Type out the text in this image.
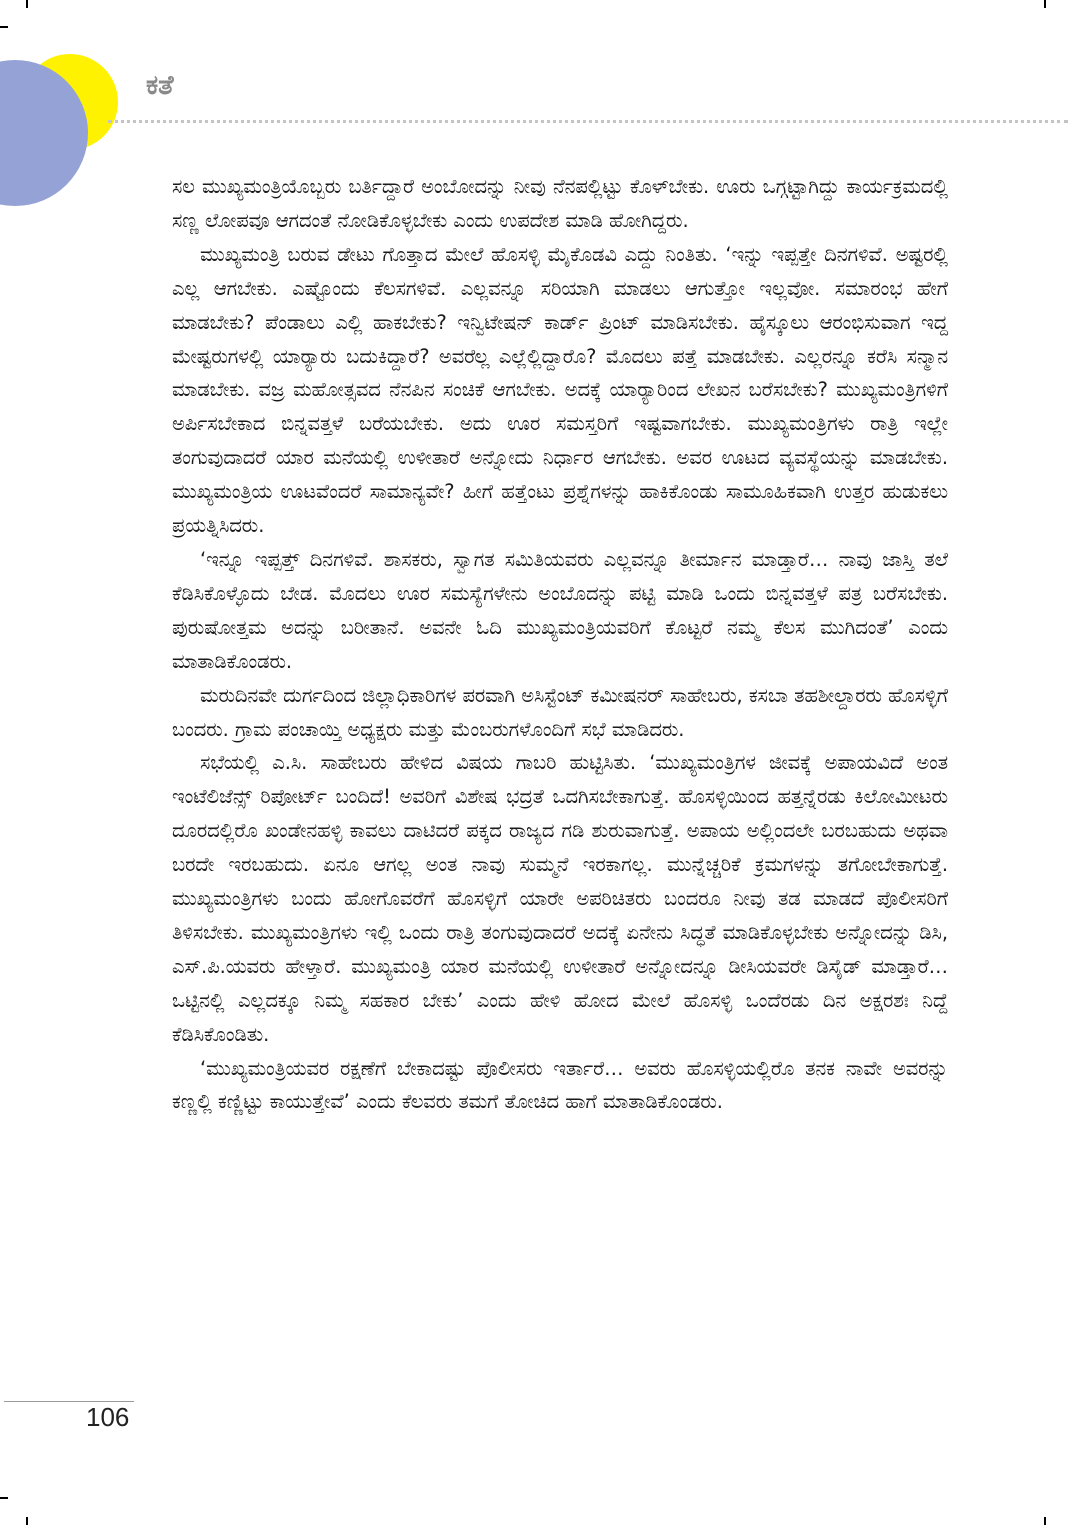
ಕತೆ

ಸಲ ಮುಖ್ಯಮಂತ್ರಿಯೊಬ್ಬರು ಬರ್ತಿದ್ದಾರೆ ಅಂಬೋದನ್ನು ನೀವು ನೆನಪಲ್ಲಿಟ್ಟು ಕೊಳ್‌ಬೇಕು. ಊರು ಒಗ್ಗಟ್ಟಾಗಿದ್ದು ಕಾರ್ಯಕ್ರಮದಲ್ಲಿ ಸಣ್ಣ ಲೋಪವೂ ಆಗದಂತೆ ನೋಡಿಕೊಳ್ಳಬೇಕು ಎಂದು ಉಪದೇಶ ಮಾಡಿ ಹೋಗಿದ್ದರು.

ಮುಖ್ಯಮಂತ್ರಿ ಬರುವ ಡೇಟು ಗೊತ್ತಾದ ಮೇಲೆ ಹೊಸಳ್ಳಿ ಮೈಕೊಡವಿ ಎದ್ದು ನಿಂತಿತು. ‘ಇನ್ನು ಇಪ್ಪತ್ತೇ ದಿನಗಳಿವೆ. ಅಷ್ಟರಲ್ಲಿ ಎಲ್ಲ ಆಗಬೇಕು. ಎಷ್ಟೊಂದು ಕೆಲಸಗಳಿವೆ. ಎಲ್ಲವನ್ನೂ ಸರಿಯಾಗಿ ಮಾಡಲು ಆಗುತ್ತೋ ಇಲ್ಲವೋ. ಸಮಾರಂಭ ಹೇಗೆ ಮಾಡಬೇಕು? ಪೆಂಡಾಲು ಎಲ್ಲಿ ಹಾಕಬೇಕು? ಇನ್ವಿಟೇಷನ್ ಕಾರ್ಡ್ ಪ್ರಿಂಟ್ ಮಾಡಿಸಬೇಕು. ಹೈಸ್ಕೂಲು ಆರಂಭಿಸುವಾಗ ಇದ್ದ ಮೇಷ್ಟರುಗಳಲ್ಲಿ ಯಾರ್‍ಯಾರು ಬದುಕಿದ್ದಾರೆ? ಅವರೆಲ್ಲ ಎಲ್ಲೆಲ್ಲಿದ್ದಾರೊ? ಮೊದಲು ಪತ್ತೆ ಮಾಡಬೇಕು. ಎಲ್ಲರನ್ನೂ ಕರೆಸಿ ಸನ್ಮಾನ ಮಾಡಬೇಕು. ವಜ್ರ ಮಹೋತ್ಸವದ ನೆನಪಿನ ಸಂಚಿಕೆ ಆಗಬೇಕು. ಅದಕ್ಕೆ ಯಾರ್‍ಯಾರಿಂದ ಲೇಖನ ಬರೆಸಬೇಕು? ಮುಖ್ಯಮಂತ್ರಿಗಳಿಗೆ ಅರ್ಪಿಸಬೇಕಾದ ಬಿನ್ನವತ್ತಳೆ ಬರೆಯಬೇಕು. ಅದು ಊರ ಸಮಸ್ತರಿಗೆ ಇಷ್ಟವಾಗಬೇಕು. ಮುಖ್ಯಮಂತ್ರಿಗಳು ರಾತ್ರಿ ಇಲ್ಲೇ ತಂಗುವುದಾದರೆ ಯಾರ ಮನೆಯಲ್ಲಿ ಉಳೀತಾರೆ ಅನ್ನೋದು ನಿರ್ಧಾರ ಆಗಬೇಕು. ಅವರ ಊಟದ ವ್ಯವಸ್ಥೆಯನ್ನು ಮಾಡಬೇಕು. ಮುಖ್ಯಮಂತ್ರಿಯ ಊಟವೆಂದರೆ ಸಾಮಾನ್ಯವೇ? ಹೀಗೆ ಹತ್ತೆಂಟು ಪ್ರಶ್ನೆಗಳನ್ನು ಹಾಕಿಕೊಂಡು ಸಾಮೂಹಿಕವಾಗಿ ಉತ್ತರ ಹುಡುಕಲು ಪ್ರಯತ್ನಿಸಿದರು.

‘ಇನ್ನೂ ಇಪ್ಪತ್ತ್ ದಿನಗಳಿವೆ. ಶಾಸಕರು, ಸ್ವಾಗತ ಸಮಿತಿಯವರು ಎಲ್ಲವನ್ನೂ ತೀರ್ಮಾನ ಮಾಡ್ತಾರೆ… ನಾವು ಜಾಸ್ತಿ ತಲೆ ಕೆಡಿಸಿಕೊಳ್ಳೊದು ಬೇಡ. ಮೊದಲು ಊರ ಸಮಸ್ಯೆಗಳೇನು ಅಂಬೊದನ್ನು ಪಟ್ಟಿ ಮಾಡಿ ಒಂದು ಬಿನ್ನವತ್ತಳೆ ಪತ್ರ ಬರೆಸಬೇಕು. ಪುರುಷೋತ್ತಮ ಅದನ್ನು ಬರೀತಾನೆ. ಅವನೇ ಓದಿ ಮುಖ್ಯಮಂತ್ರಿಯವರಿಗೆ ಕೊಟ್ಟರೆ ನಮ್ಮ ಕೆಲಸ ಮುಗಿದಂತೆ’ ಎಂದು ಮಾತಾಡಿಕೊಂಡರು.

ಮರುದಿನವೇ ದುರ್ಗದಿಂದ ಜಿಲ್ಲಾಧಿಕಾರಿಗಳ ಪರವಾಗಿ ಅಸಿಸ್ಟೆಂಟ್ ಕಮೀಷನರ್ ಸಾಹೇಬರು, ಕಸಬಾ ತಹಶೀಲ್ದಾರರು ಹೊಸಳ್ಳಿಗೆ ಬಂದರು. ಗ್ರಾಮ ಪಂಚಾಯ್ತಿ ಅಧ್ಯಕ್ಷರು ಮತ್ತು ಮೆಂಬರುಗಳೊಂದಿಗೆ ಸಭೆ ಮಾಡಿದರು.

ಸಭೆಯಲ್ಲಿ ಎ.ಸಿ. ಸಾಹೇಬರು ಹೇಳಿದ ವಿಷಯ ಗಾಬರಿ ಹುಟ್ಟಿಸಿತು. ‘ಮುಖ್ಯಮಂತ್ರಿಗಳ ಜೀವಕ್ಕೆ ಅಪಾಯವಿದೆ ಅಂತ ಇಂಟೆಲಿಜೆನ್ಸ್ ರಿಪೋರ್ಟ್ ಬಂದಿದೆ! ಅವರಿಗೆ ವಿಶೇಷ ಭದ್ರತೆ ಒದಗಿಸಬೇಕಾಗುತ್ತೆ. ಹೊಸಳ್ಳಿಯಿಂದ ಹತ್ತನ್ನೆರಡು ಕಿಲೋಮೀಟರು ದೂರದಲ್ಲಿರೊ ಖಂಡೇನಹಳ್ಳಿ ಕಾವಲು ದಾಟಿದರೆ ಪಕ್ಕದ ರಾಜ್ಯದ ಗಡಿ ಶುರುವಾಗುತ್ತೆ. ಅಪಾಯ ಅಲ್ಲಿಂದಲೇ ಬರಬಹುದು ಅಥವಾ ಬರದೇ ಇರಬಹುದು. ಏನೂ ಆಗಲ್ಲ ಅಂತ ನಾವು ಸುಮ್ಮನೆ ಇರಕಾಗಲ್ಲ. ಮುನ್ನೆಚ್ಚರಿಕೆ ಕ್ರಮಗಳನ್ನು ತಗೋಬೇಕಾಗುತ್ತೆ. ಮುಖ್ಯಮಂತ್ರಿಗಳು ಬಂದು ಹೋಗೊವರೆಗೆ ಹೊಸಳ್ಳಿಗೆ ಯಾರೇ ಅಪರಿಚಿತರು ಬಂದರೂ ನೀವು ತಡ ಮಾಡದೆ ಪೊಲೀಸರಿಗೆ ತಿಳಿಸಬೇಕು. ಮುಖ್ಯಮಂತ್ರಿಗಳು ಇಲ್ಲಿ ಒಂದು ರಾತ್ರಿ ತಂಗುವುದಾದರೆ ಅದಕ್ಕೆ ಏನೇನು ಸಿದ್ಧತೆ ಮಾಡಿಕೊಳ್ಳಬೇಕು ಅನ್ನೋದನ್ನು ಡಿಸಿ, ಎಸ್.ಪಿ.ಯವರು ಹೇಳ್ತಾರೆ. ಮುಖ್ಯಮಂತ್ರಿ ಯಾರ ಮನೆಯಲ್ಲಿ ಉಳೀತಾರೆ ಅನ್ನೋದನ್ನೂ ಡೀಸಿಯವರೇ ಡಿಸೈಡ್ ಮಾಡ್ತಾರೆ… ಒಟ್ಟಿನಲ್ಲಿ ಎಲ್ಲದಕ್ಕೂ ನಿಮ್ಮ ಸಹಕಾರ ಬೇಕು’ ಎಂದು ಹೇಳಿ ಹೋದ ಮೇಲೆ ಹೊಸಳ್ಳಿ ಒಂದೆರಡು ದಿನ ಅಕ್ಷರಶಃ ನಿದ್ದೆ ಕೆಡಿಸಿಕೊಂಡಿತು.

‘ಮುಖ್ಯಮಂತ್ರಿಯವರ ರಕ್ಷಣೆಗೆ ಬೇಕಾದಷ್ಟು ಪೊಲೀಸರು ಇರ್ತಾರೆ… ಅವರು ಹೊಸಳ್ಳಿಯಲ್ಲಿರೊ ತನಕ ನಾವೇ ಅವರನ್ನು ಕಣ್ಣಲ್ಲಿ ಕಣ್ಣಿಟ್ಟು ಕಾಯುತ್ತೇವೆ’ ಎಂದು ಕೆಲವರು ತಮಗೆ ತೋಚಿದ ಹಾಗೆ ಮಾತಾಡಿಕೊಂಡರು.

106
